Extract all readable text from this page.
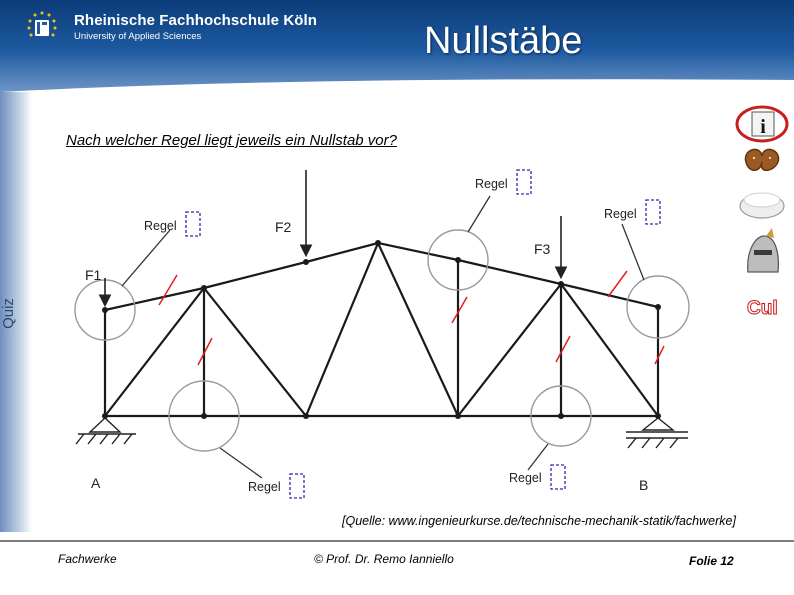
Rheinische Fachhochschule Köln
University of Applied Sciences	Nullstäbe
Quiz
Nach welcher Regel liegt jeweils ein Nullstab vor?
F1
F2
F3
A	B
Regel
Regel
Regel
Regel
Regel
[Quelle: www.ingenieurkurse.de/technische-mechanik-statik/fachwerke]
i
Cul
Fachwerke	© Prof. Dr. Remo Ianniello	Folie 12
